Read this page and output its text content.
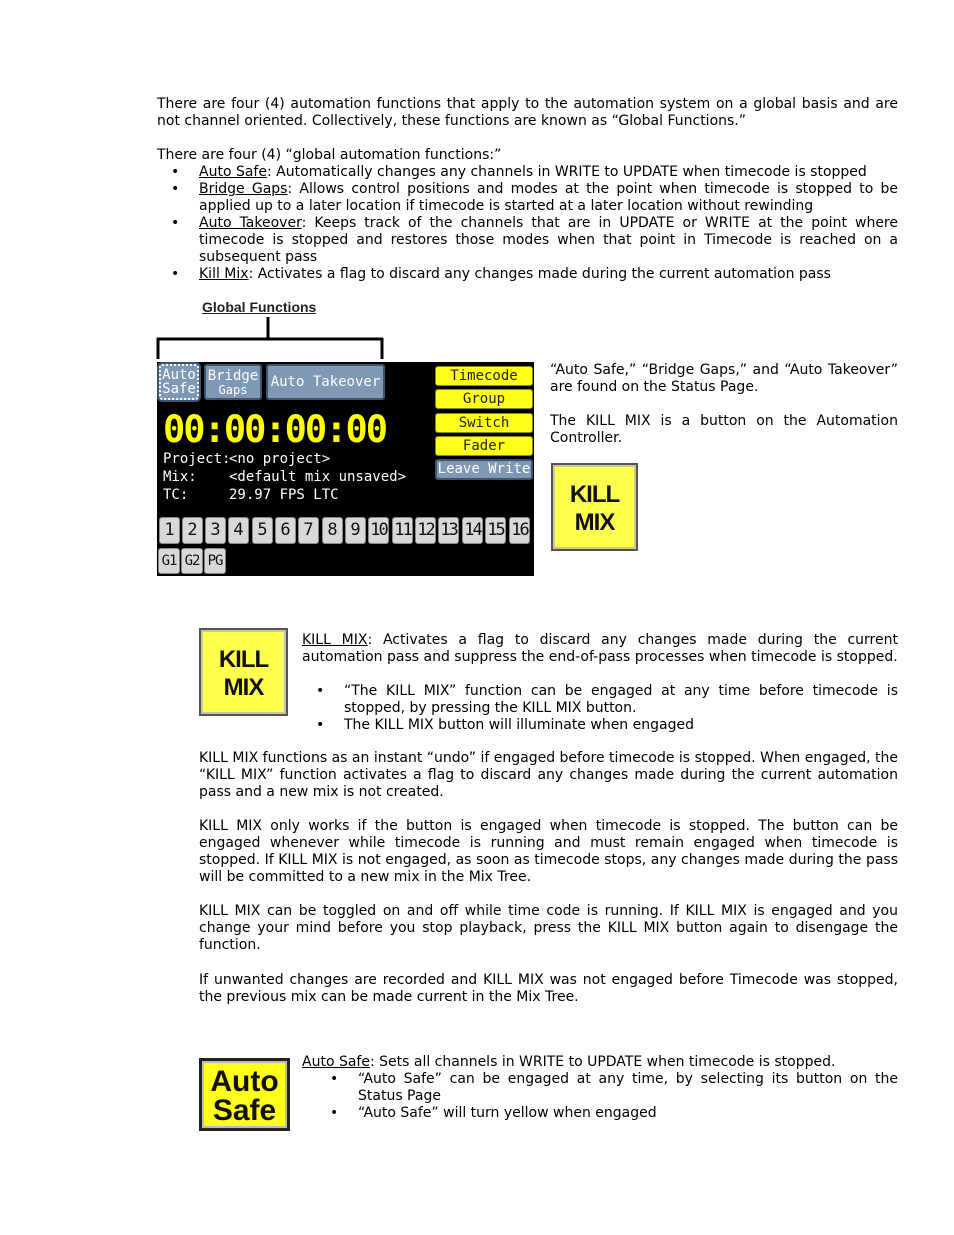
There are four (4) automation functions that apply to the automation system on a global basis and are not channel oriented. Collectively, these functions are known as “Global Functions.”
There are four (4) “global automation functions:”
• Auto Safe: Automatically changes any channels in WRITE to UPDATE when timecode is stopped
• Bridge Gaps: Allows control positions and modes at the point when timecode is stopped to be applied up to a later location if timecode is started at a later location without rewinding
• Auto Takeover: Keeps track of the channels that are in UPDATE or WRITE at the point where timecode is stopped and restores those modes when that point in Timecode is reached on a subsequent pass
• Kill Mix: Activates a flag to discard any changes made during the current automation pass
Global Functions
Auto
Safe
Bridge
Gaps	Auto Takeover	Timecode
Group
Switch
Fader
Leave Write
00:00:00:00
Project:<no project>
Mix: <default mix unsaved>
TC:	29.97 FPS LTC
1 2 3 4 5 6 7 8 9 10 11 12 13 14 15 16
G1 G2 PG
“Auto Safe,” “Bridge Gaps,” and “Auto Takeover” are found on the Status Page.
The KILL MIX is a button on the Automation Controller.
KILL
MIX
KILL
MIX
KILL MIX: Activates a flag to discard any changes made during the current automation pass and suppress the end-of-pass processes when timecode is stopped.
• “The KILL MIX” function can be engaged at any time before timecode is stopped, by pressing the KILL MIX button.
• The KILL MIX button will illuminate when engaged
KILL MIX functions as an instant “undo” if engaged before timecode is stopped. When engaged, the “KILL MIX” function activates a flag to discard any changes made during the current automation pass and a new mix is not created.
KILL MIX only works if the button is engaged when timecode is stopped. The button can be engaged whenever while timecode is running and must remain engaged when timecode is stopped. If KILL MIX is not engaged, as soon as timecode stops, any changes made during the pass will be committed to a new mix in the Mix Tree.
KILL MIX can be toggled on and off while time code is running. If KILL MIX is engaged and you change your mind before you stop playback, press the KILL MIX button again to disengage the function.
If unwanted changes are recorded and KILL MIX was not engaged before Timecode was stopped, the previous mix can be made current in the Mix Tree.
Auto
Safe
Auto Safe: Sets all channels in WRITE to UPDATE when timecode is stopped.
• “Auto Safe” can be engaged at any time, by selecting its button on the Status Page
• “Auto Safe” will turn yellow when engaged
